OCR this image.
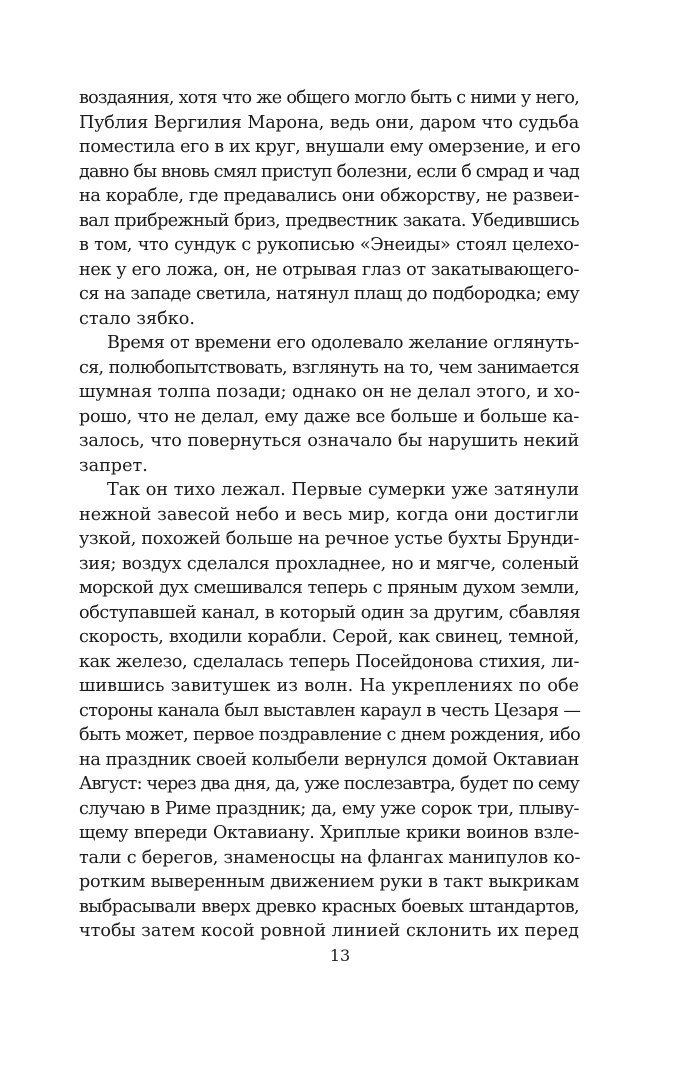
воздаяния, хотя что же общего могло быть с ними у него,
Публия Вергилия Марона, ведь они, даром что судьба
поместила его в их круг, внушали ему омерзение, и его
давно бы вновь смял приступ болезни, если б смрад и чад
на корабле, где предавались они обжорству, не развеи-
вал прибрежный бриз, предвестник заката. Убедившись
в том, что сундук с рукописью «Энеиды» стоял целехо-
нек у его ложа, он, не отрывая глаз от закатывающего-
ся на западе светила, натянул плащ до подбородка; ему
стало зябко.
Время от времени его одолевало желание оглянуть-
ся, полюбопытствовать, взглянуть на то, чем занимается
шумная толпа позади; однако он не делал этого, и хо-
рошо, что не делал, ему даже все больше и больше ка-
залось, что повернуться означало бы нарушить некий
запрет.
Так он тихо лежал. Первые сумерки уже затянули
нежной завесой небо и весь мир, когда они достигли
узкой, похожей больше на речное устье бухты Брунди-
зия; воздух сделался прохладнее, но и мягче, соленый
морской дух смешивался теперь с пряным духом земли,
обступавшей канал, в который один за другим, сбавляя
скорость, входили корабли. Серой, как свинец, темной,
как железо, сделалась теперь Посейдонова стихия, ли-
шившись завитушек из волн. На укреплениях по обе
стороны канала был выставлен караул в честь Цезаря —
быть может, первое поздравление с днем рождения, ибо
на праздник своей колыбели вернулся домой Октавиан
Август: через два дня, да, уже послезавтра, будет по сему
случаю в Риме праздник; да, ему уже сорок три, плыву-
щему впереди Октавиану. Хриплые крики воинов взле-
тали с берегов, знаменосцы на флангах манипулов ко-
ротким выверенным движением руки в такт выкрикам
выбрасывали вверх древко красных боевых штандартов,
чтобы затем косой ровной линией склонить их перед
13
